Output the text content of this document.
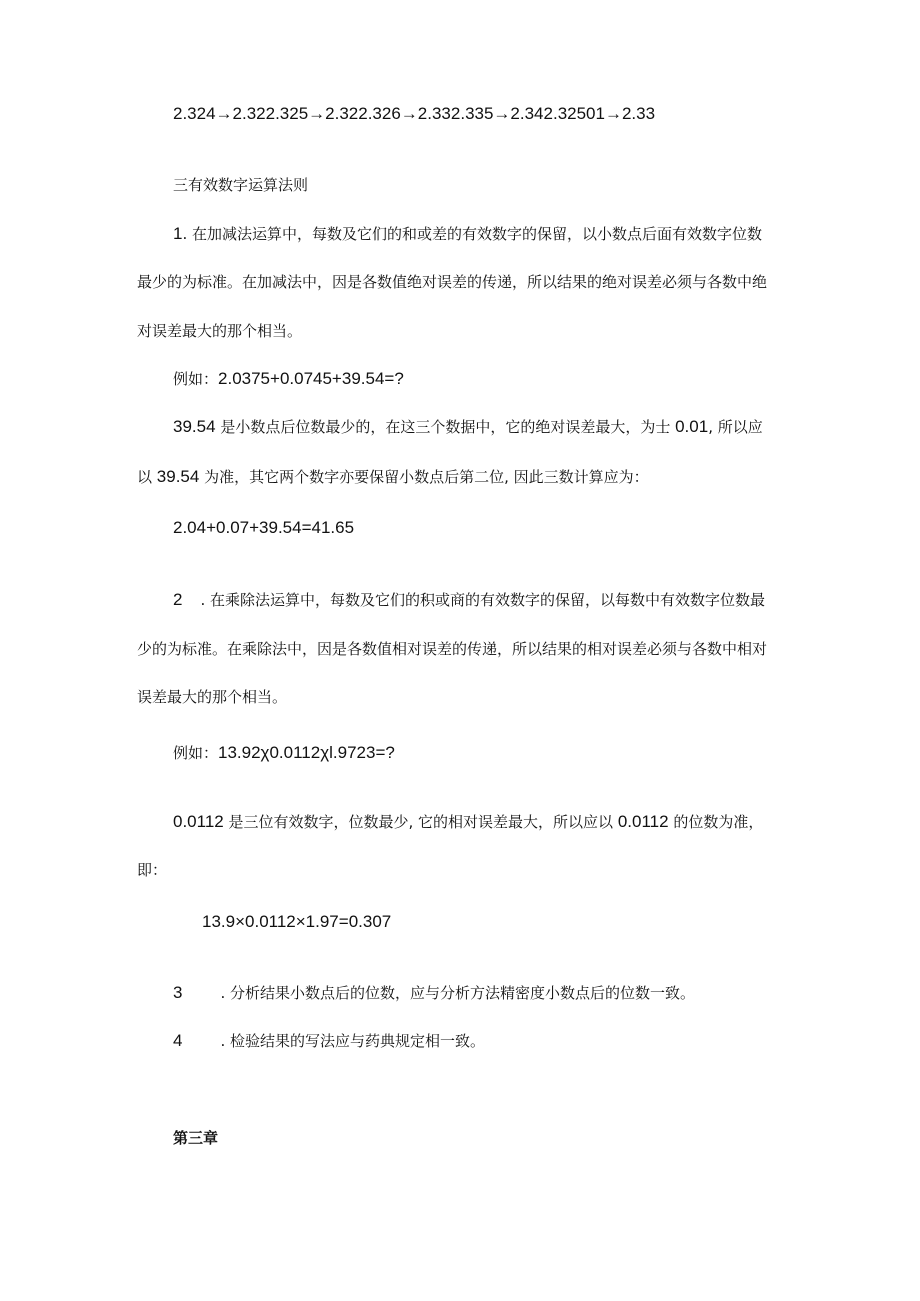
2.324→2.322.325→2.322.326→2.332.335→2.342.32501→2.33

三有效数字运算法则

1. 在加减法运算中，每数及它们的和或差的有效数字的保留，以小数点后面有效数字位数

最少的为标准。在加减法中，因是各数值绝对误差的传递，所以结果的绝对误差必须与各数中绝

对误差最大的那个相当。

例如：2.0375+0.0745+39.54=?

39.54 是小数点后位数最少的，在这三个数据中，它的绝对误差最大，为士 0.01, 所以应

以 39.54 为准，其它两个数字亦要保留小数点后第二位, 因此三数计算应为：

2.04+0.07+39.54=41.65

2 . 在乘除法运算中，每数及它们的积或商的有效数字的保留，以每数中有效数字位数最

少的为标准。在乘除法中，因是各数值相对误差的传递，所以结果的相对误差必须与各数中相对

误差最大的那个相当。

例如：13.92χ0.0112χl.9723=?

0.0112 是三位有效数字，位数最少, 它的相对误差最大，所以应以 0.0112 的位数为准，

即：

13.9×0.0112×1.97=0.307

3	. 分析结果小数点后的位数，应与分析方法精密度小数点后的位数一致。

4	. 检验结果的写法应与药典规定相一致。

第三章
